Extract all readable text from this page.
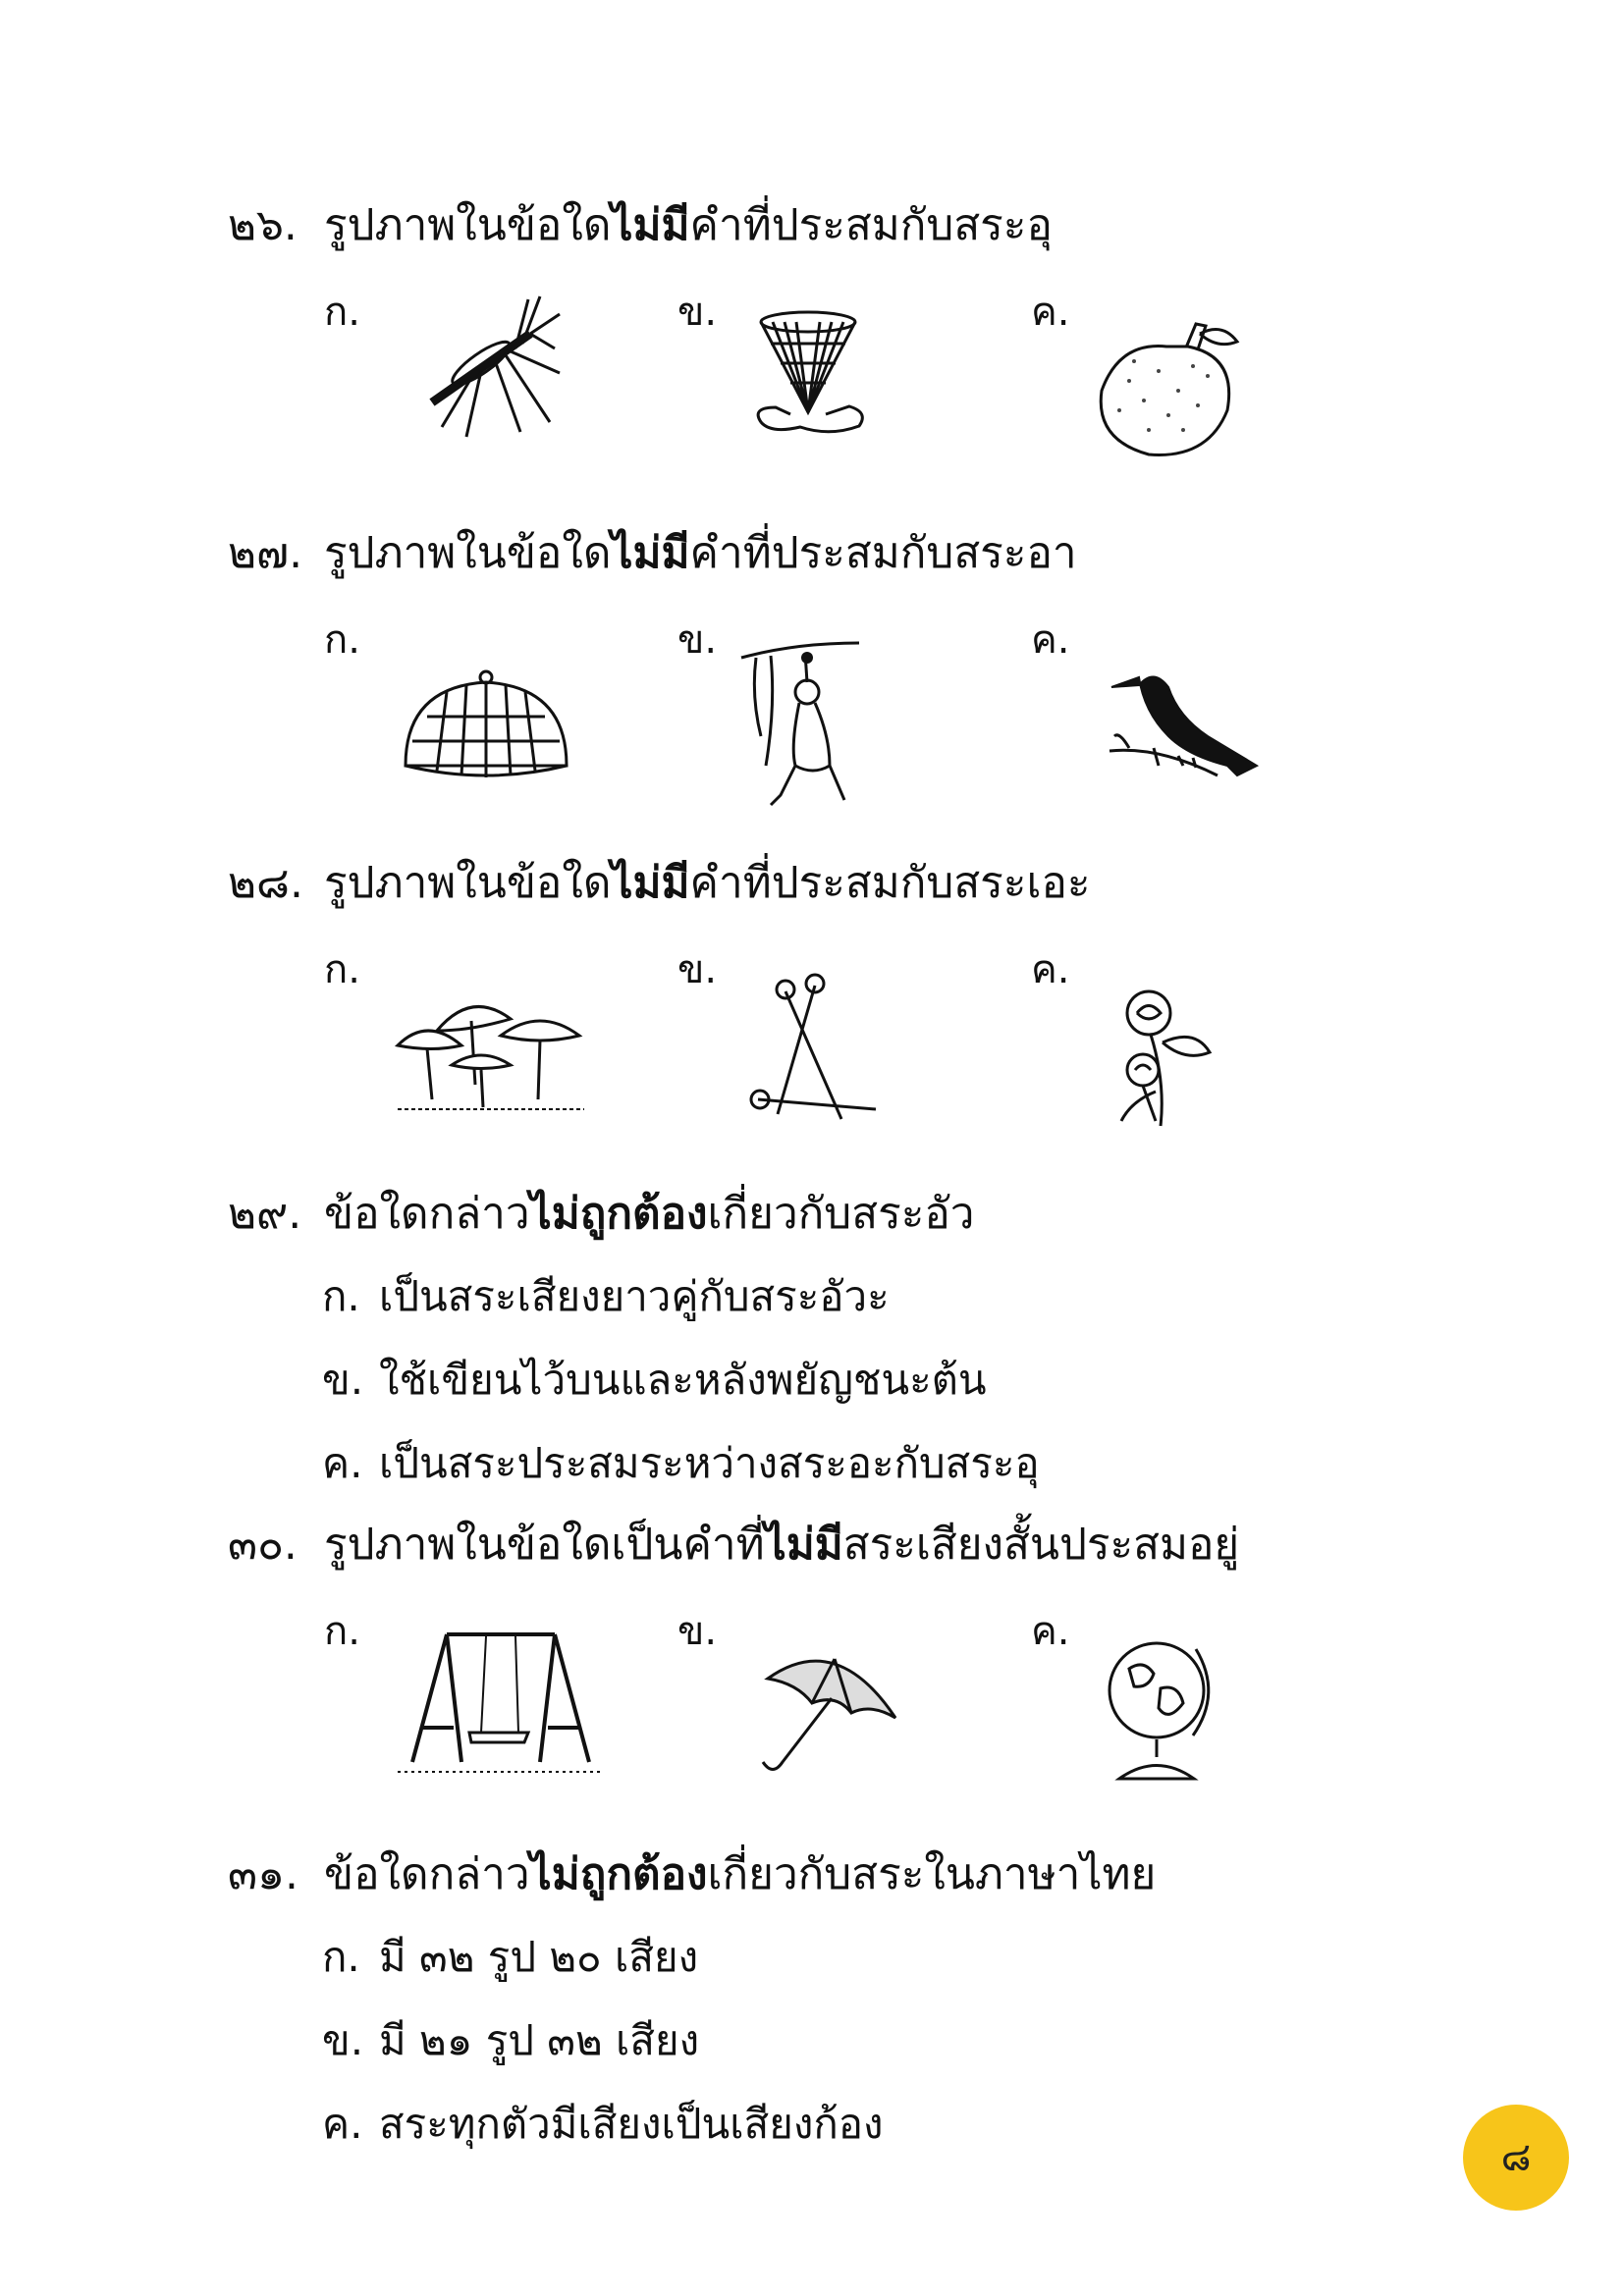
๒๖. รูปภาพในข้อใดไม่มีคำที่ประสมกับสระอุ
ก.	ข.	ค.
๒๗. รูปภาพในข้อใดไม่มีคำที่ประสมกับสระอา
ก.	ข.	ค.
๒๘. รูปภาพในข้อใดไม่มีคำที่ประสมกับสระเอะ
ก.	ข.	ค.
๒๙. ข้อใดกล่าวไม่ถูกต้องเกี่ยวกับสระอัว
ก. เป็นสระเสียงยาวคู่กับสระอัวะ
ข. ใช้เขียนไว้บนและหลังพยัญชนะต้น
ค. เป็นสระประสมระหว่างสระอะกับสระอุ
๓๐. รูปภาพในข้อใดเป็นคำที่ไม่มีสระเสียงสั้นประสมอยู่
ก.	ข.	ค.
๓๑. ข้อใดกล่าวไม่ถูกต้องเกี่ยวกับสระในภาษาไทย
ก. มี ๓๒ รูป ๒๐ เสียง
ข. มี ๒๑ รูป ๓๒ เสียง
ค. สระทุกตัวมีเสียงเป็นเสียงก้อง
๘
